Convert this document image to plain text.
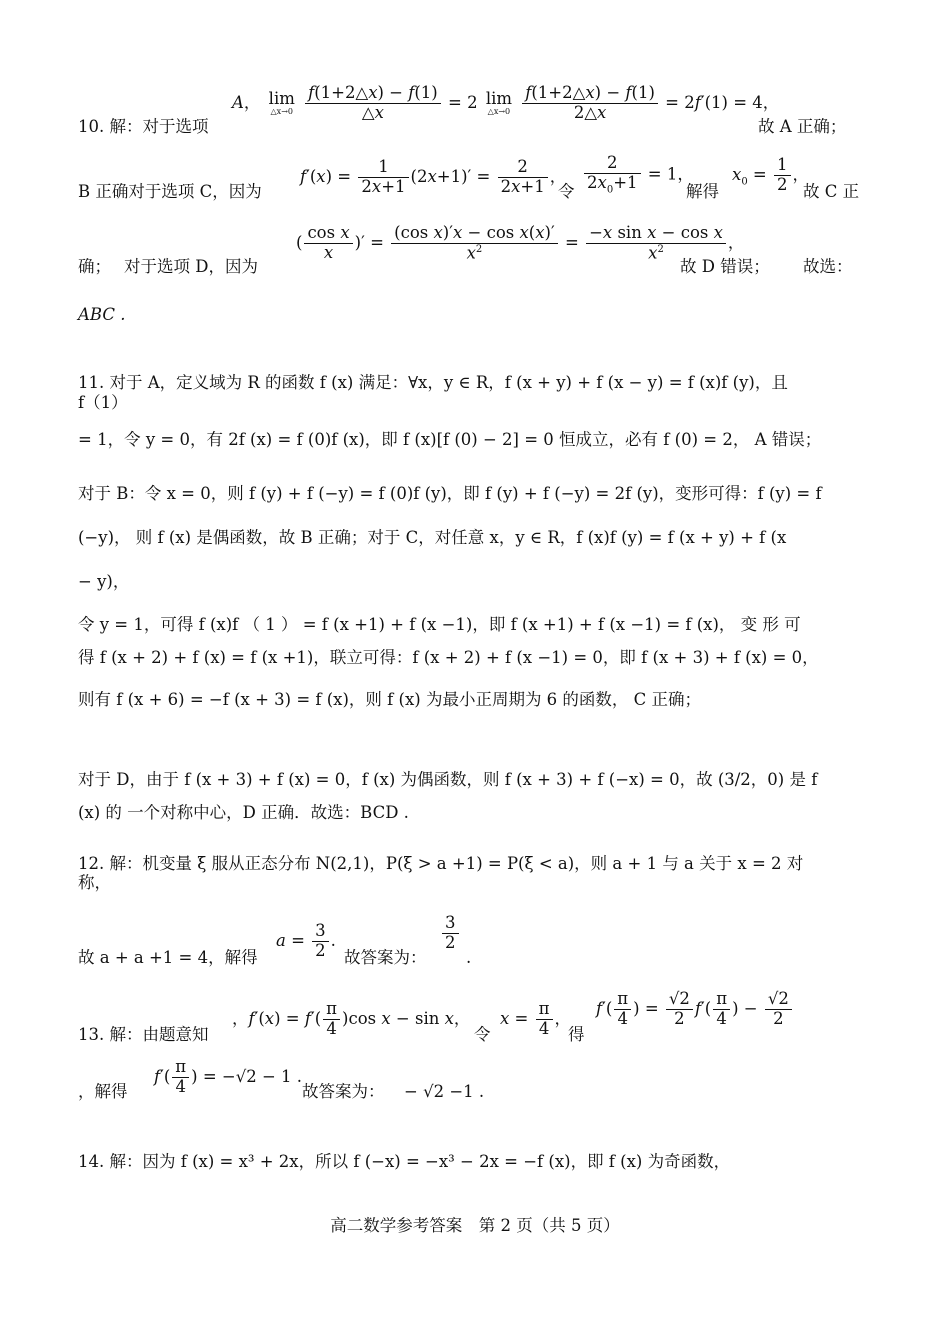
A， lim
△x→0
$\frac{f(1+2\triangle x) - f(1)}{\triangle x} = 2$ lim
△x→0
$\frac{f(1+2\triangle x) - f(1)}{2\triangle x} = 2f'(1) = 4$，
10. 解：对于选项	故 A 正确；
B 正确对于选项 C，因为
$f'(x) = \frac{1}{2x+1} (2x+1)' = \frac{2}{2x+1}$ ，
令 $\frac{2}{2x_0+1} = 1$，
解得
$x_0 = \frac{1}{2}$ ，
故 C 正
确； 对于选项 D，因为
( $\frac{\text{cos x}}{x}$ )′ = $\frac{\text{(cos x)′x − cos x(x)′}}{x^2} = \frac{\text{−x sin x − cos x}}{x^2}$ ，
故 D 错误； 故选：
ABC .
11. 对于 A，定义域为 R 的函数 f (x) 满足：∀x，y ∈ R，f (x + y) + f (x − y) = f (x)f (y)，且
f（1）
= 1，令 y = 0，有 2f (x) = f (0)f (x)，即 f (x)[f (0) − 2] = 0 恒成立，必有 f (0) = 2， A 错误；
对于 B：令 x = 0，则 f (y) + f (−y) = f (0)f (y)，即 f (y) + f (−y) = 2f (y)，变形可得：f (y) = f
(−y)， 则 f (x) 是偶函数，故 B 正确；对于 C，对任意 x，y ∈ R，f (x)f (y) = f (x + y) + f (x
− y)，
令 y = 1，可得 f (x)f （ 1 ） = f (x +1) + f (x −1)，即 f (x +1) + f (x −1) = f (x)， 变 形 可
得 f (x + 2) + f (x) = f (x +1)，联立可得：f (x + 2) + f (x −1) = 0，即 f (x + 3) + f (x) = 0，
则有 f (x + 6) = −f (x + 3) = f (x)，则 f (x) 为最小正周期为 6 的函数， C 正确；
对于 D，由于 f (x + 3) + f (x) = 0，f (x) 为偶函数，则 f (x + 3) + f (−x) = 0，故 (3/2，0) 是 f
(x) 的 一个对称中心，D 正确．故选：BCD .
12. 解：机变量 ξ 服从正态分布 N(2,1)，P(ξ > a +1) = P(ξ < a)，则 a + 1 与 a 关于 x = 2 对
称，
故 a + a +1 = 4，解得
$a = \frac{3}{2}$ .
故答案为：
$\frac{3}{2}$
.
13. 解：由题意知
，$f'(x) = f'( \frac{\pi}{4} )\cos$ x − sin x，
令
$x = \frac{\pi}{4}$ ，
得
$f'( \frac{\pi}{4}$ ) = $\frac{√2}{2} f'( \frac{\pi}{4}$ ) − $\frac{√2}{2}$
，解得
$f'( \frac{\pi}{4}$ ) = −√2 − 1 .
故答案为： − √2 −1 .
14. 解：因为 f (x) = x³ + 2x，所以 f (−x) = −x³ − 2x = −f (x)，即 f (x) 为奇函数，
高二数学参考答案　第 2 页（共 5 页）
